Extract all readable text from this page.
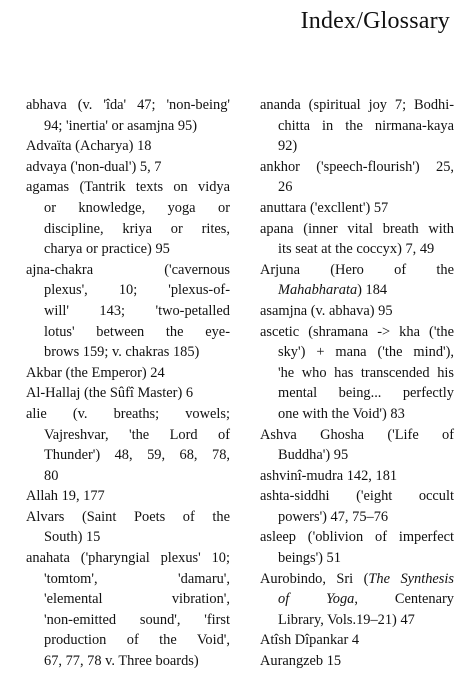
Index/Glossary
abhava (v. 'îda' 47; 'non-being'
94; 'inertia' or asamjna 95)
Advaïta (Acharya) 18
advaya ('non-dual') 5, 7
agamas (Tantrik texts on vidya
or knowledge, yoga or
discipline, kriya or rites,
charya or practice) 95
ajna-chakra ('cavernous
plexus', 10; 'plexus-of-
will' 143; 'two-petalled
lotus' between the eye-
brows 159; v. chakras 185)
Akbar (the Emperor) 24
Al-Hallaj (the Sûfî Master) 6
alie (v. breaths; vowels;
Vajreshvar, 'the Lord of
Thunder') 48, 59, 68, 78,
80
Allah 19, 177
Alvars (Saint Poets of the
South) 15
anahata ('pharyngial plexus' 10;
'tomtom', 'damaru',
'elemental vibration',
'non-emitted sound', 'first
production of the Void',
67, 77, 78 v. Three boards)
ananda (spiritual joy 7; Bodhi-
chitta in the nirmana-kaya
92)
ankhor ('speech-flourish') 25,
26
anuttara ('excllent') 57
apana (inner vital breath with
its seat at the coccyx) 7, 49
Arjuna (Hero of the
Mahabharata) 184
asamjna (v. abhava) 95
ascetic (shramana -> kha ('the
sky') + mana ('the mind'),
'he who has transcended his
mental being... perfectly
one with the Void') 83
Ashva Ghosha ('Life of
Buddha') 95
ashvinî-mudra 142, 181
ashta-siddhi ('eight occult
powers') 47, 75–76
asleep ('oblivion of imperfect
beings') 51
Aurobindo, Sri (The Synthesis
of Yoga, Centenary
Library, Vols.19–21) 47
Atîsh Dîpankar 4
Aurangzeb 15
